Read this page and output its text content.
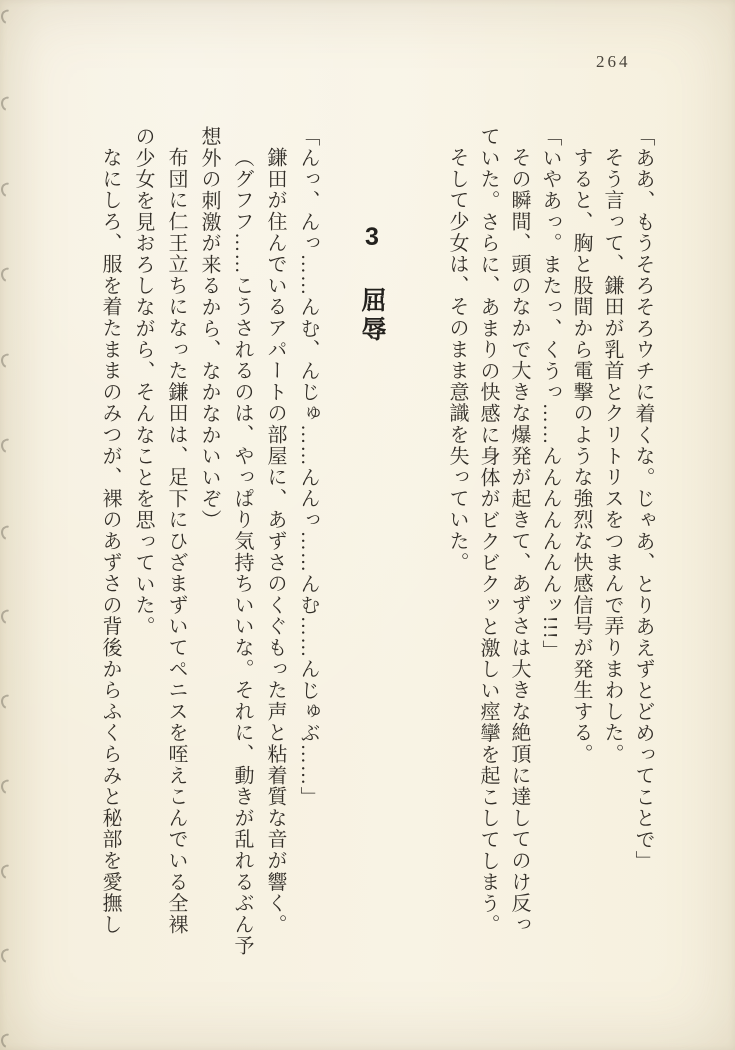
264
「ああ、もうそろそろウチに着くな。じゃあ、とりあえずとどめってことで」
そう言って、鎌田が乳首とクリトリスをつまんで弄りまわした。
すると、胸と股間から電撃のような強烈な快感信号が発生する。
「いやあっ。またっ、くうっ……んんんんんんんッ!!!」
その瞬間、頭のなかで大きな爆発が起きて、あずさは大きな絶頂に達してのけ反っ
ていた。さらに、あまりの快感に身体がビクビクッと激しい痙攣を起こしてしまう。
そして少女は、そのまま意識を失っていた。
3 屈辱
「んっ、んっ……んむ、んじゅ……んんっ……んむ……んじゅぶ……」
鎌田が住んでいるアパートの部屋に、あずさのくぐもった声と粘着質な音が響く。
（グフフ……こうされるのは、やっぱり気持ちいいな。それに、動きが乱れるぶん予
想外の刺激が来るから、なかなかいいぞ）
布団に仁王立ちになった鎌田は、足下にひざまずいてペニスを咥えこんでいる全裸
の少女を見おろしながら、そんなことを思っていた。
なにしろ、服を着たままのみつが、裸のあずさの背後からふくらみと秘部を愛撫し
